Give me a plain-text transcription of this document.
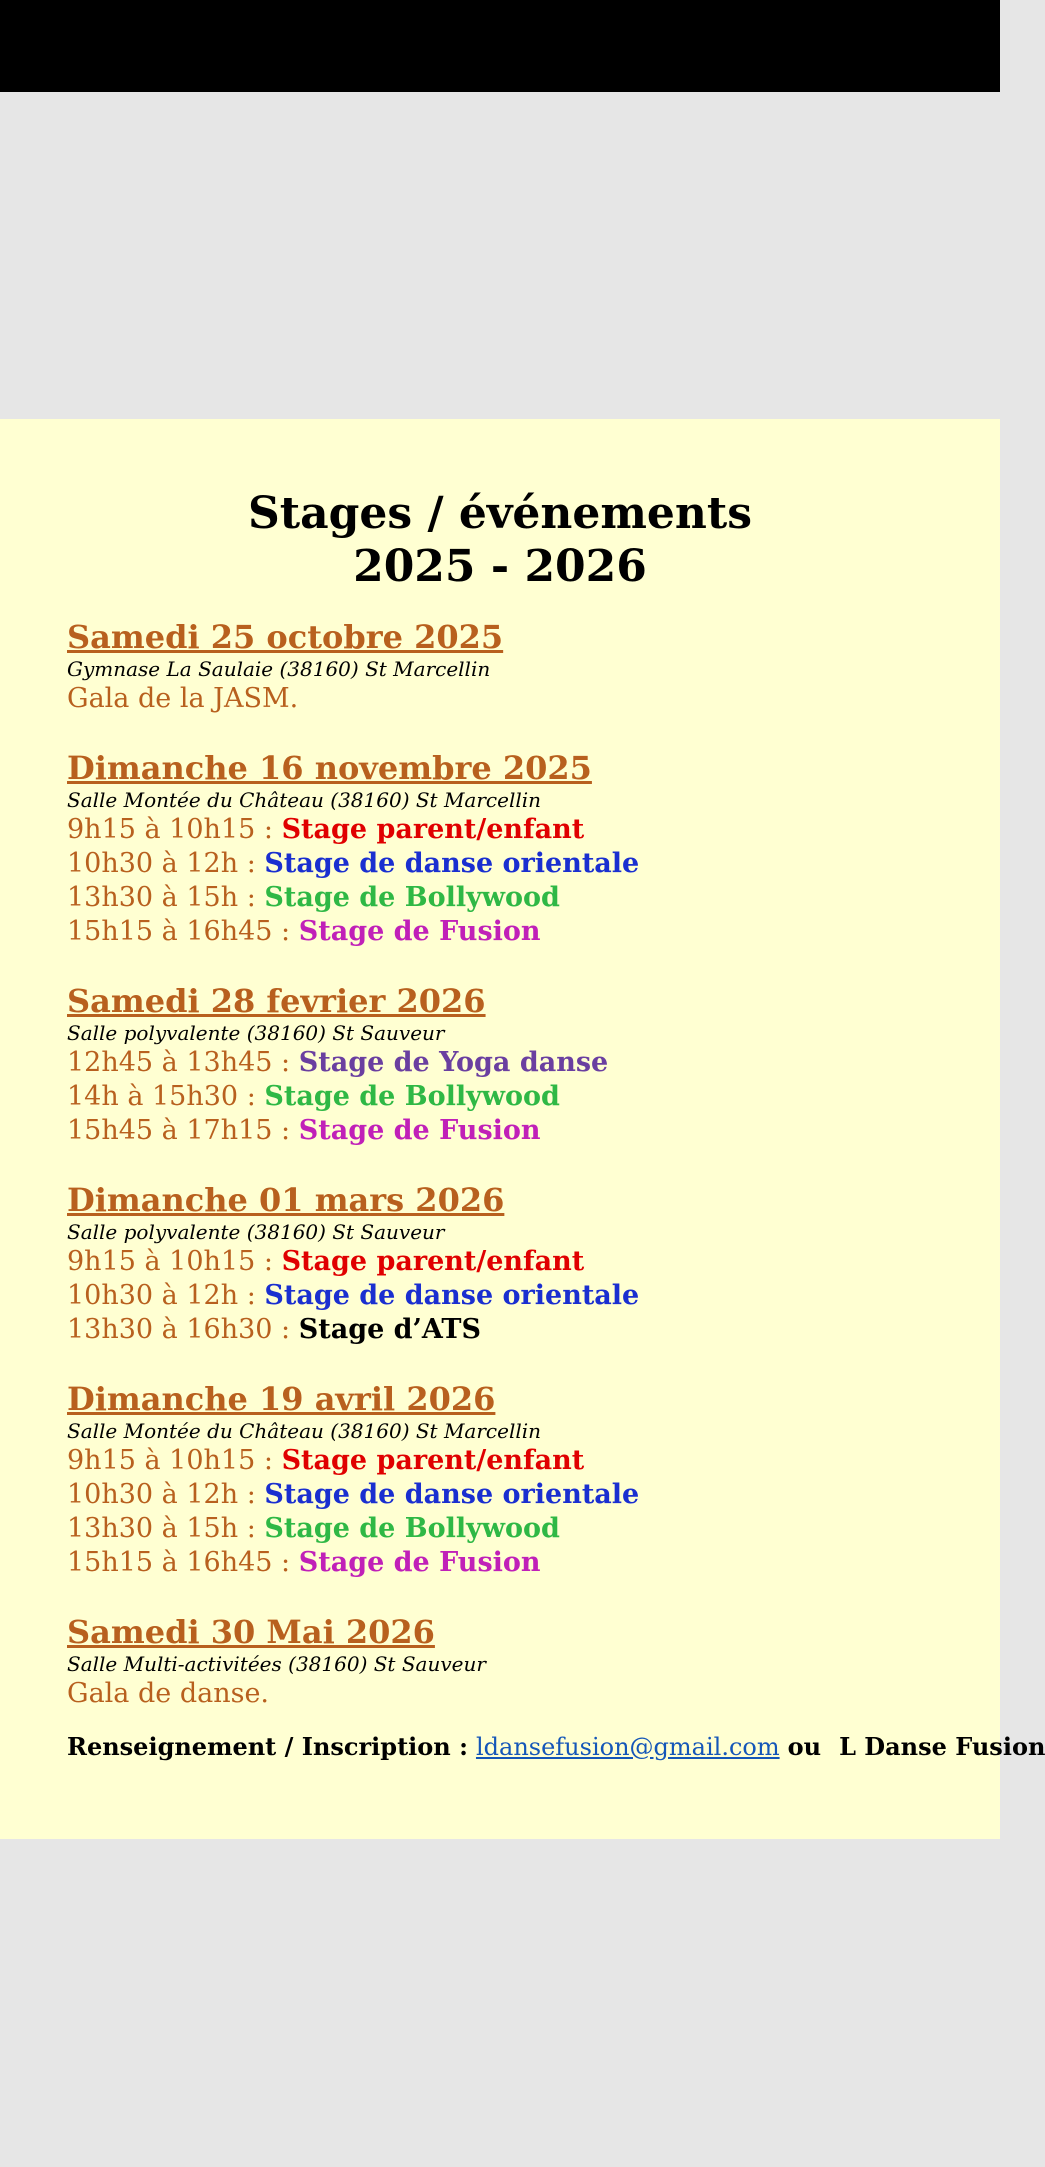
Stages / événements
2025 - 2026
Samedi 25 octobre 2025
Gymnase La Saulaie (38160) St Marcellin
Gala de la JASM.
Dimanche 16 novembre 2025
Salle Montée du Château (38160) St Marcellin
9h15 à 10h15 : Stage parent/enfant
10h30 à 12h : Stage de danse orientale
13h30 à 15h : Stage de Bollywood
15h15 à 16h45 : Stage de Fusion
Samedi 28 fevrier 2026
Salle polyvalente (38160) St Sauveur
12h45 à 13h45 : Stage de Yoga danse
14h à 15h30 : Stage de Bollywood
15h45 à 17h15 : Stage de Fusion
Dimanche 01 mars 2026
Salle polyvalente (38160) St Sauveur
9h15 à 10h15 : Stage parent/enfant
10h30 à 12h : Stage de danse orientale
13h30 à 16h30 : Stage d’ATS
Dimanche 19 avril 2026
Salle Montée du Château (38160) St Marcellin
9h15 à 10h15 : Stage parent/enfant
10h30 à 12h : Stage de danse orientale
13h30 à 15h : Stage de Bollywood
15h15 à 16h45 : Stage de Fusion
Samedi 30 Mai 2026
Salle Multi-activitées (38160) St Sauveur
Gala de danse.
Renseignement / Inscription : ldansefusion@gmail.com ou L Danse Fusion
